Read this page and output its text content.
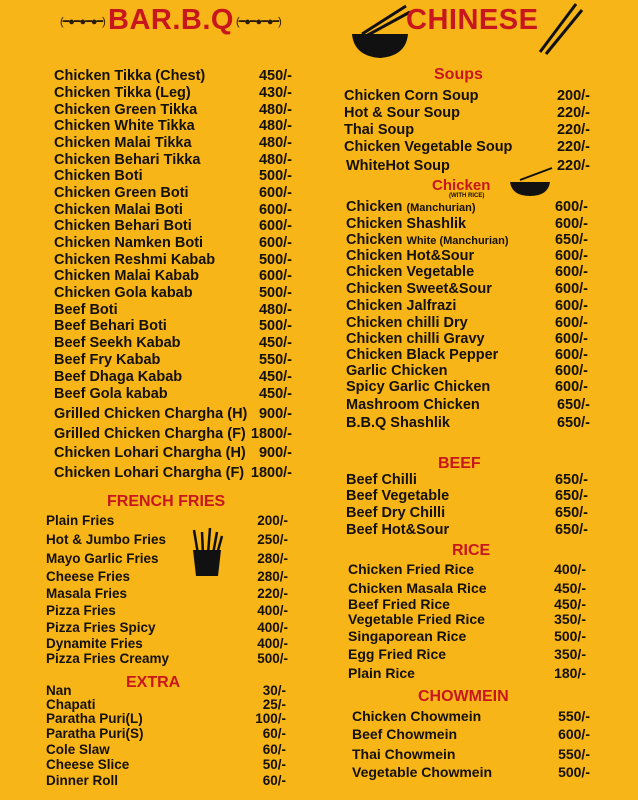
(━●━●━●━) BAR.B.Q (━●━●━●━)	CHINESE
Chicken Tikka (Chest)	450/-
Chicken Tikka (Leg)	430/-
Chicken Green Tikka	480/-
Chicken White Tikka	480/-
Chicken Malai Tikka	480/-
Chicken Behari Tikka	480/-
Chicken Boti	500/-
Chicken Green Boti	600/-
Chicken Malai Boti	600/-
Chicken Behari Boti	600/-
Chicken Namken Boti	600/-
Chicken Reshmi Kabab	500/-
Chicken Malai Kabab	600/-
Chicken Gola kabab	500/-
Beef Boti	480/-
Beef Behari Boti	500/-
Beef Seekh Kabab	450/-
Beef Fry Kabab	550/-
Beef Dhaga Kabab	450/-
Beef Gola kabab	450/-
Grilled Chicken Chargha (H) 900/-
Grilled Chicken Chargha (F) 1800/-
Chicken Lohari Chargha (H) 900/-
Chicken Lohari Chargha (F) 1800/-
FRENCH FRIES
Plain Fries	200/-
Hot & Jumbo Fries	250/-
Mayo Garlic Fries	280/-
Cheese Fries	280/-
Masala Fries	220/-
Pizza Fries	400/-
Pizza Fries Spicy	400/-
Dynamite Fries	400/-
Pizza Fries Creamy	500/-
EXTRA
Nan	30/-
Chapati	25/-
Paratha Puri(L)	100/-
Paratha Puri(S)	60/-
Cole Slaw	60/-
Cheese Slice	50/-
Dinner Roll	60/-
Soups
Chicken Corn Soup	200/-
Hot & Sour Soup	220/-
Thai Soup	220/-
Chicken Vegetable Soup	220/-
WhiteHot Soup	220/-
Chicken
(WITH RICE)
Chicken (Manchurian)	600/-
Chicken Shashlik	600/-
Chicken White (Manchurian)	650/-
Chicken Hot&Sour	600/-
Chicken Vegetable	600/-
Chicken Sweet&Sour	600/-
Chicken Jalfrazi	600/-
Chicken chilli Dry	600/-
Chicken chilli Gravy	600/-
Chicken Black Pepper	600/-
Garlic Chicken	600/-
Spicy Garlic Chicken	600/-
Mashroom Chicken	650/-
B.B.Q Shashlik	650/-
BEEF
Beef Chilli	650/-
Beef Vegetable	650/-
Beef Dry Chilli	650/-
Beef Hot&Sour	650/-
RICE
Chicken Fried Rice	400/-
Chicken Masala Rice	450/-
Beef Fried Rice	450/-
Vegetable Fried Rice	350/-
Singaporean Rice	500/-
Egg Fried Rice	350/-
Plain Rice	180/-
CHOWMEIN
Chicken Chowmein	550/-
Beef Chowmein	600/-
Thai Chowmein	550/-
Vegetable Chowmein	500/-
